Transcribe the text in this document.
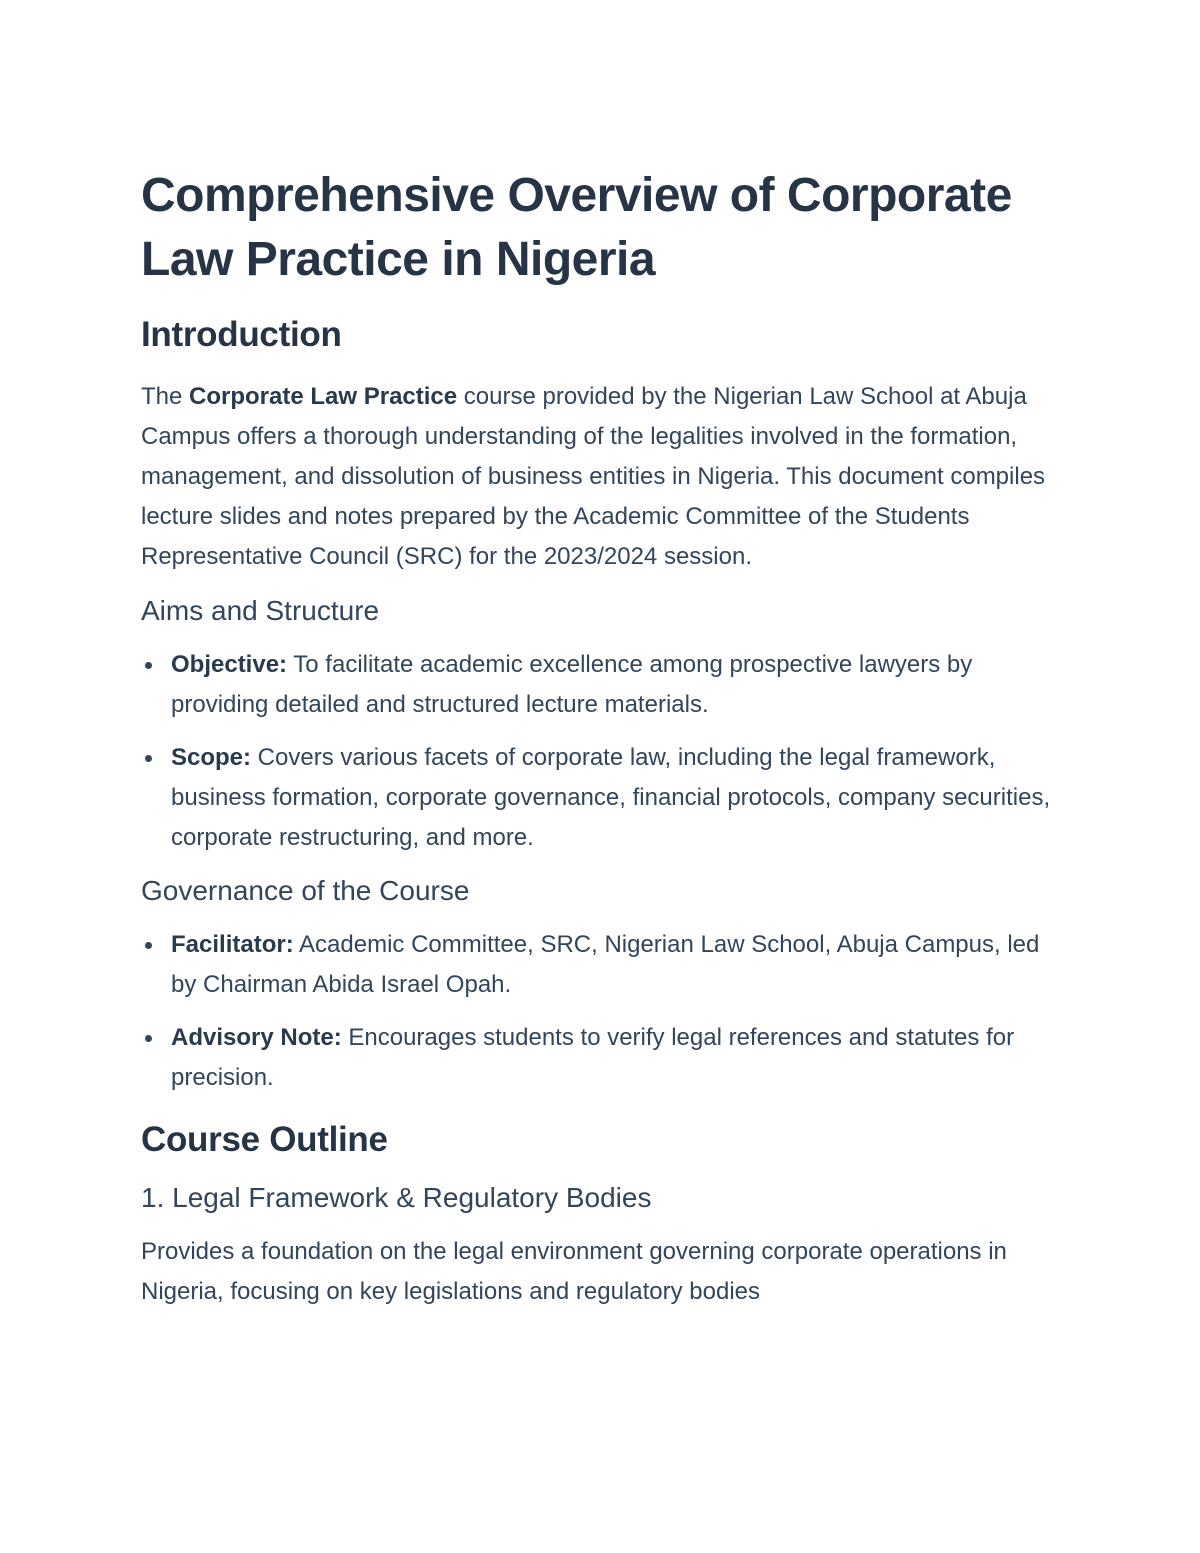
Comprehensive Overview of Corporate Law Practice in Nigeria
Introduction

The Corporate Law Practice course provided by the Nigerian Law School at Abuja Campus offers a thorough understanding of the legalities involved in the formation, management, and dissolution of business entities in Nigeria. This document compiles lecture slides and notes prepared by the Academic Committee of the Students Representative Council (SRC) for the 2023/2024 session.

Aims and Structure
Objective: To facilitate academic excellence among prospective lawyers by providing detailed and structured lecture materials.
Scope: Covers various facets of corporate law, including the legal framework, business formation, corporate governance, financial protocols, company securities, corporate restructuring, and more.
Governance of the Course
Facilitator: Academic Committee, SRC, Nigerian Law School, Abuja Campus, led by Chairman Abida Israel Opah.
Advisory Note: Encourages students to verify legal references and statutes for precision.
Course Outline
1. Legal Framework & Regulatory Bodies

Provides a foundation on the legal environment governing corporate operations in Nigeria, focusing on key legislations and regulatory bodies
